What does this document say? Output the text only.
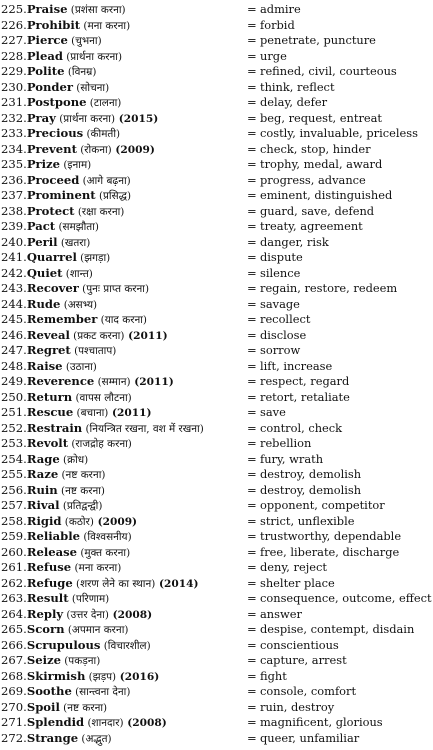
225.Praise (प्रशंसा करना)	= admire
226.Prohibit (मना करना)	= forbid
227.Pierce (चुभना)	= penetrate, puncture
228.Plead (प्रार्थना करना)	= urge
229.Polite (विनम्र)	= refined, civil, courteous
230.Ponder (सोचना)	= think, reflect
231.Postpone (टालना)	= delay, defer
232.Pray (प्रार्थना करना) (2015)	= beg, request, entreat
233.Precious (कीमती)	= costly, invaluable, priceless
234.Prevent (रोकना) (2009)	= check, stop, hinder
235.Prize (इनाम)	= trophy, medal, award
236.Proceed (आगे बढ़ना)	= progress, advance
237.Prominent (प्रसिद्ध)	= eminent, distinguished
238.Protect (रक्षा करना)	= guard, save, defend
239.Pact (समझौता)	= treaty, agreement
240.Peril (खतरा)	= danger, risk
241.Quarrel (झगड़ा)	= dispute
242.Quiet (शान्त)	= silence
243.Recover (पुनः प्राप्त करना)	= regain, restore, redeem
244.Rude (असभ्य)	= savage
245.Remember (याद करना)	= recollect
246.Reveal (प्रकट करना) (2011)	= disclose
247.Regret (पश्चाताप)	= sorrow
248.Raise (उठाना)	= lift, increase
249.Reverence (सम्मान) (2011)	= respect, regard
250.Return (वापस लौटना)	= retort, retaliate
251.Rescue (बचाना) (2011)	= save
252.Restrain (नियन्त्रित रखना, वश में रखना)	= control, check
253.Revolt (राजद्रोह करना)	= rebellion
254.Rage (क्रोध)	= fury, wrath
255.Raze (नष्ट करना)	= destroy, demolish
256.Ruin (नष्ट करना)	= destroy, demolish
257.Rival (प्रतिद्वन्द्वी)	= opponent, competitor
258.Rigid (कठोर) (2009)	= strict, unflexible
259.Reliable (विश्वसनीय)	= trustworthy, dependable
260.Release (मुक्त करना)	= free, liberate, discharge
261.Refuse (मना करना)	= deny, reject
262.Refuge (शरण लेने का स्थान) (2014)	= shelter place
263.Result (परिणाम)	= consequence, outcome, effect
264.Reply (उत्तर देना) (2008)	= answer
265.Scorn (अपमान करना)	= despise, contempt, disdain
266.Scrupulous (विचारशील)	= conscientious
267.Seize (पकड़ना)	= capture, arrest
268.Skirmish (झड़प) (2016)	= fight
269.Soothe (सान्त्वना देना)	= console, comfort
270.Spoil (नष्ट करना)	= ruin, destroy
271.Splendid (शानदार) (2008)	= magnificent, glorious
272.Strange (अद्भुत)	= queer, unfamiliar
